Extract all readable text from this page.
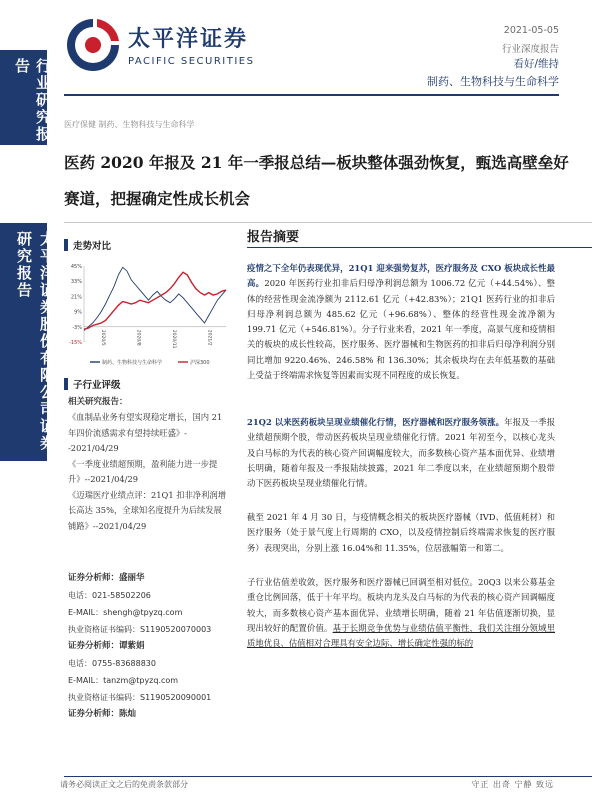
行业研究报告
太平洋证券股份有限公司证券研究报告
太平洋证券
PACIFIC SECURITIES
2021-05-05
行业深度报告
看好/维持
制药、生物科技与生命科学
医疗保健 制药、生物科技与生命科学
医药 2020 年报及 21 年一季报总结—板块整体强劲恢复，甄选高壁垒好赛道，把握确定性成长机会
走势对比
45%
33%
21%
9%
-3%
-15%	2020/5	2020/8	2020/11	2021/2
制药、生物科技与生命科学	沪深300
子行业评级
相关研究报告：
《血制品业务有望实现稳定增长，国内 21 年四价流感需求有望持续旺盛》--2021/04/29
《一季度业绩超预期，盈利能力进一步提升》--2021/04/29
《迈瑞医疗业绩点评：21Q1 扣非净利润增长高达 35%，全球知名度提升为后续发展铺路》--2021/04/29
证券分析师：盛丽华
电话：021-58502206
E-MAIL：shengh@tpyzq.com
执业资格证书编码：S1190520070003
证券分析师：谭紫娟
电话：0755-83688830
E-MAIL：tanzm@tpyzq.com
执业资格证书编码：S1190520090001
证券分析师：陈灿
报告摘要
疫情之下全年仍表现优异，21Q1 迎来强势复苏，医疗服务及 CXO 板块成长性最高。2020 年医药行业扣非后归母净利润总额为 1006.72 亿元（+44.54%）、整体的经营性现金流净额为 2112.61 亿元（+42.83%）；21Q1 医药行业的扣非后归母净利润总额为 485.62 亿元（+96.68%）、整体的经营性现金流净额为 199.71 亿元（+546.81%）。分子行业来看，2021 年一季度，高景气度和疫情相关的板块的成长性较高，医疗服务、医疗器械和生物医药的扣非后归母净利润分别同比增加 9220.46%、246.58% 和 136.30%；其余板块均在去年低基数的基础上受益于终端需求恢复等因素而实现不同程度的成长恢复。
21Q2 以来医药板块呈现业绩催化行情，医疗器械和医疗服务领涨。年报及一季报业绩超预期个股，带动医药板块呈现业绩催化行情。2021 年初至今，以核心龙头及白马标的为代表的核心资产回调幅度较大，而多数核心资产基本面优异、业绩增长明确，随着年报及一季报陆续披露，2021 年二季度以来，在业绩超预期个股带动下医药板块呈现业绩催化行情。
截至 2021 年 4 月 30 日，与疫情概念相关的板块医疗器械（IVD、低值耗材）和医疗服务（处于景气度上行周期的 CXO，以及疫情控制后终端需求恢复的医疗服务）表现突出，分别上涨 16.04%和 11.35%，位居涨幅第一和第二。
子行业估值差收敛，医疗服务和医疗器械已回调至相对低位。20Q3 以来公募基金重仓比例回落，低于十年平均。板块内龙头及白马标的为代表的核心资产回调幅度较大，而多数核心资产基本面优异、业绩增长明确，随着 21 年估值逐渐切换，显现出较好的配置价值。基于长期竞争优势与业绩估值平衡性，我们关注细分领域里质地优良、估值相对合理具有安全边际、增长确定性强的标的
请务必阅读正文之后的免责条款部分	守正 出奇 宁静 致远
